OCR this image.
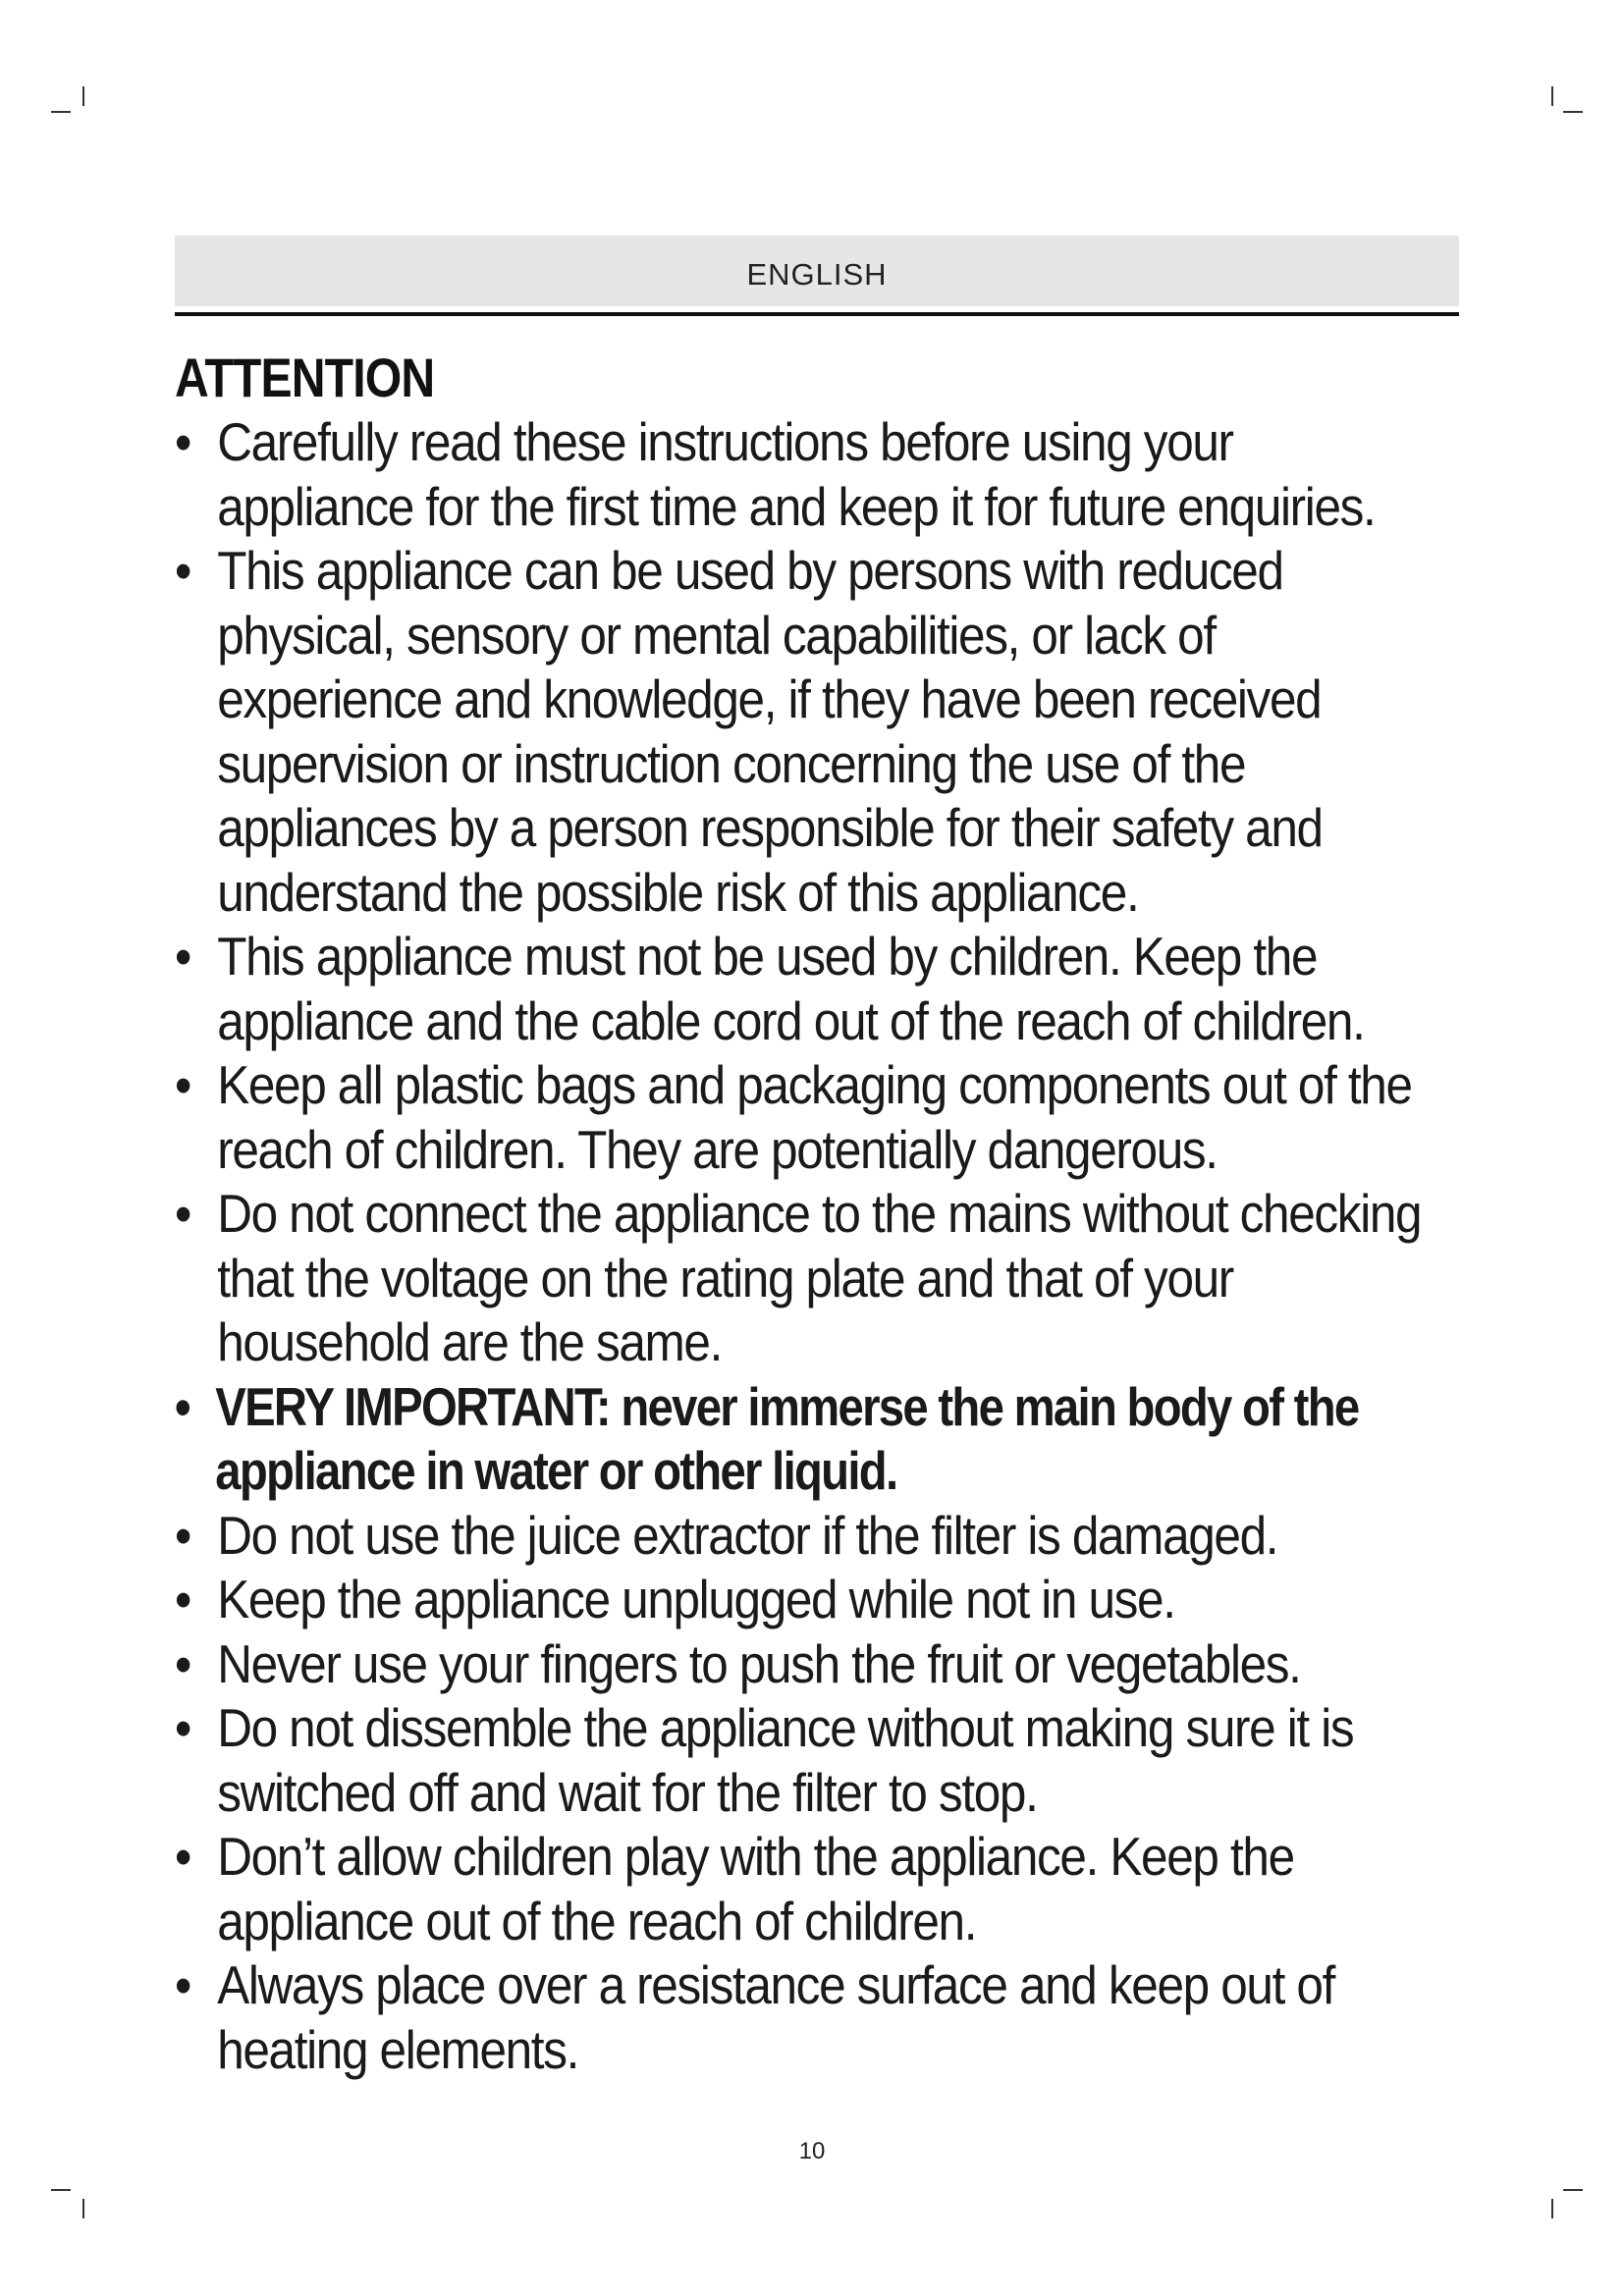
ENGLISH
ATTENTION
• Carefully read these instructions before using your appliance for the first time and keep it for future enquiries.
• This appliance can be used by persons with reduced physical, sensory or mental capabilities, or lack of experience and knowledge, if they have been received supervision or instruction concerning the use of the appliances by a person responsible for their safety and understand the possible risk of this appliance.
• This appliance must not be used by children. Keep the appliance and the cable cord out of the reach of children.
• Keep all plastic bags and packaging components out of the reach of children. They are potentially dangerous.
• Do not connect the appliance to the mains without checking that the voltage on the rating plate and that of your household are the same.
• VERY IMPORTANT: never immerse the main body of the appliance in water or other liquid.
• Do not use the juice extractor if the filter is damaged.
• Keep the appliance unplugged while not in use.
• Never use your fingers to push the fruit or vegetables.
• Do not dissemble the appliance without making sure it is switched off and wait for the filter to stop.
• Don’t allow children play with the appliance. Keep the appliance out of the reach of children.
• Always place over a resistance surface and keep out of heating elements.
10
